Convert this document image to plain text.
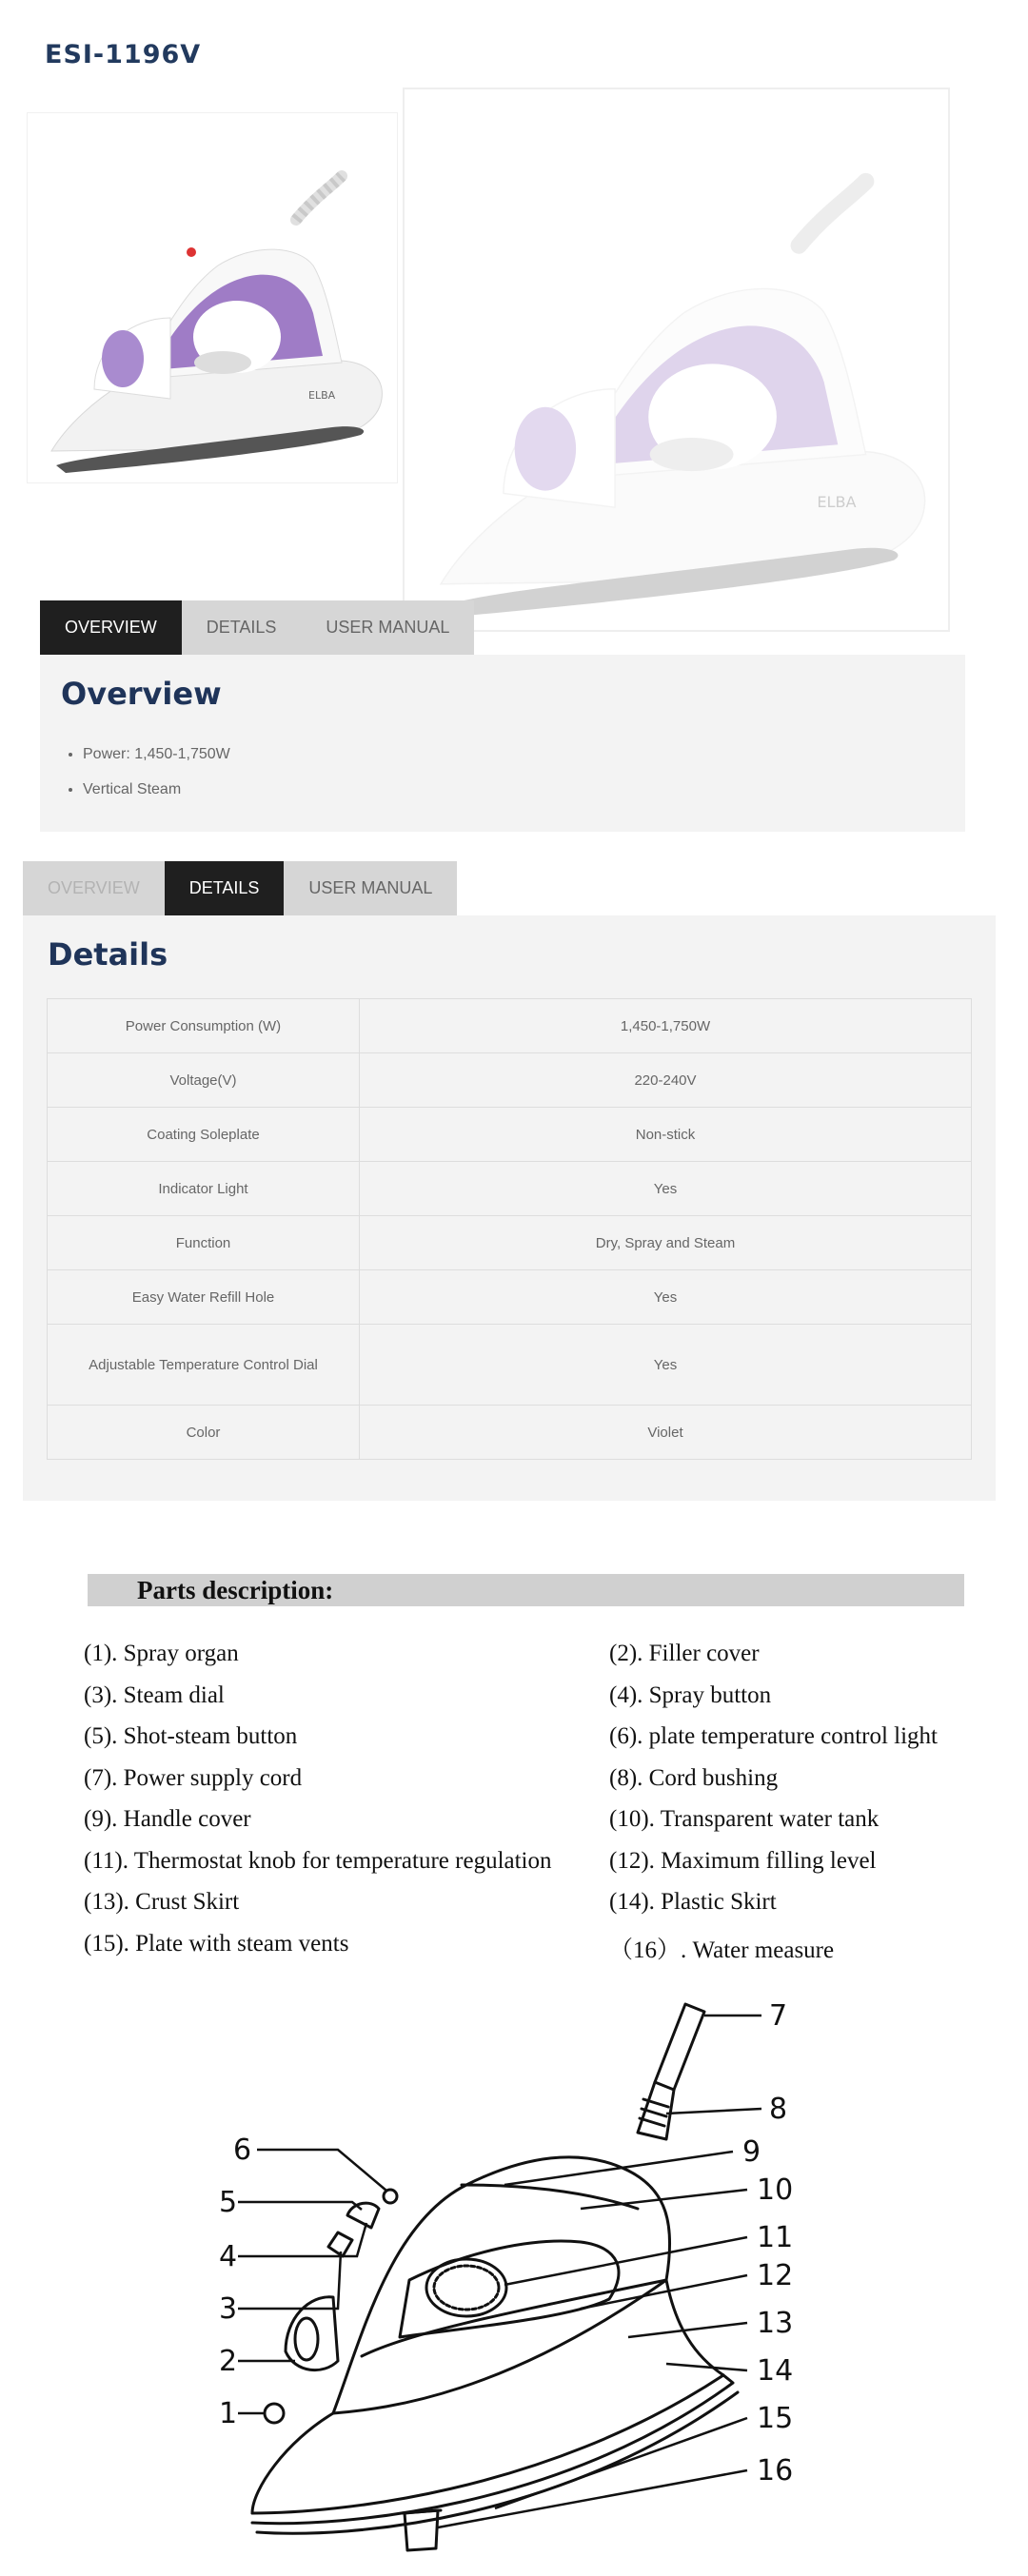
ESI-1196V
ELBA
ELBA
OVERVIEW	DETAILS	USER MANUAL
Overview
• Power: 1,450-1,750W
• Vertical Steam
OVERVIEW	DETAILS	USER MANUAL
Details
Power Consumption (W)	1,450-1,750W
Voltage(V)	220-240V
Coating Soleplate	Non-stick
Indicator Light	Yes
Function	Dry, Spray and Steam
Easy Water Refill Hole	Yes
Adjustable Temperature Control Dial	Yes
Color	Violet
Parts description:
(1). Spray organ	(2). Filler cover
(3). Steam dial	(4). Spray button
(5). Shot-steam button	(6). plate temperature control light
(7). Power supply cord	(8). Cord bushing
(9). Handle cover	(10). Transparent water tank
(11). Thermostat knob for temperature regulation (12). Maximum filling level
(13). Crust Skirt	(14). Plastic Skirt
(15). Plate with steam vents	（16）. Water measure
1
2
3
4
5
6
7
8
9
10
11
12
13
14
15
16
